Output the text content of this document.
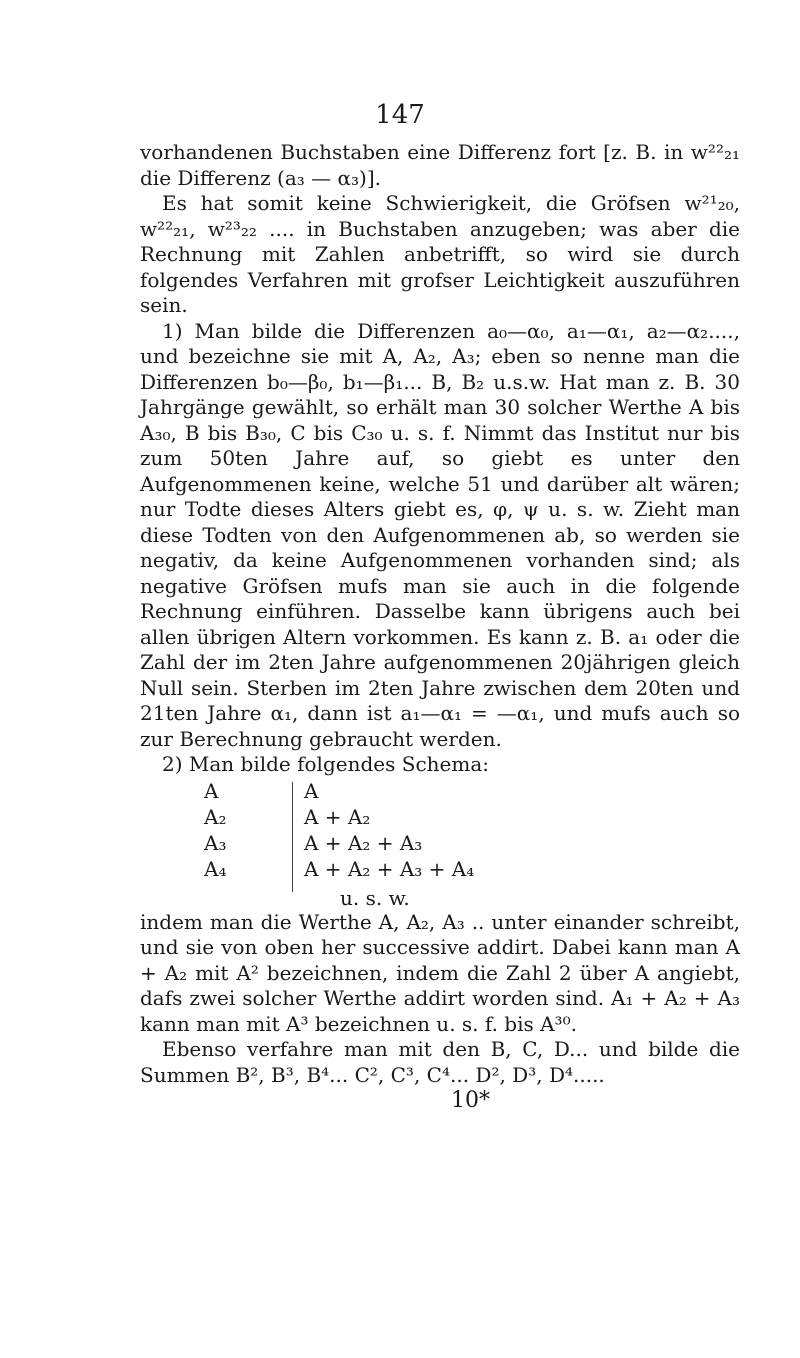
147

vorhandenen Buchstaben eine Differenz fort [z. B. in w²²₂₁ die Differenz (a₃ — α₃)].

Es hat somit keine Schwierigkeit, die Gröfsen w²¹₂₀, w²²₂₁, w²³₂₂ .... in Buchstaben anzugeben; was aber die Rechnung mit Zahlen anbetrifft, so wird sie durch folgendes Verfahren mit grofser Leichtigkeit auszuführen sein.

1) Man bilde die Differenzen a₀—α₀, a₁—α₁, a₂—α₂...., und bezeichne sie mit A, A₂, A₃; eben so nenne man die Differenzen b₀—β₀, b₁—β₁... B, B₂ u.s.w. Hat man z. B. 30 Jahrgänge gewählt, so erhält man 30 solcher Werthe A bis A₃₀, B bis B₃₀, C bis C₃₀ u. s. f. Nimmt das Institut nur bis zum 50ten Jahre auf, so giebt es unter den Aufgenommenen keine, welche 51 und darüber alt wären; nur Todte dieses Alters giebt es, φ, ψ u. s. w. Zieht man diese Todten von den Aufgenommenen ab, so werden sie negativ, da keine Aufgenommenen vorhanden sind; als negative Gröfsen mufs man sie auch in die folgende Rechnung einführen. Dasselbe kann übrigens auch bei allen übrigen Altern vorkommen. Es kann z. B. a₁ oder die Zahl der im 2ten Jahre aufgenommenen 20jährigen gleich Null sein. Sterben im 2ten Jahre zwischen dem 20ten und 21ten Jahre α₁, dann ist a₁—α₁ = —α₁, und mufs auch so zur Berechnung gebraucht werden.

2) Man bilde folgendes Schema:

A
A₂
A₃
A₄
A
A + A₂
A + A₂ + A₃
A + A₂ + A₃ + A₄
u. s. w.

indem man die Werthe A, A₂, A₃ .. unter einander schreibt, und sie von oben her successive addirt. Dabei kann man A + A₂ mit A² bezeichnen, indem die Zahl 2 über A angiebt, dafs zwei solcher Werthe addirt worden sind. A₁ + A₂ + A₃ kann man mit A³ bezeichnen u. s. f. bis A³⁰.

Ebenso verfahre man mit den B, C, D... und bilde die Summen B², B³, B⁴... C², C³, C⁴... D², D³, D⁴.....

10*
